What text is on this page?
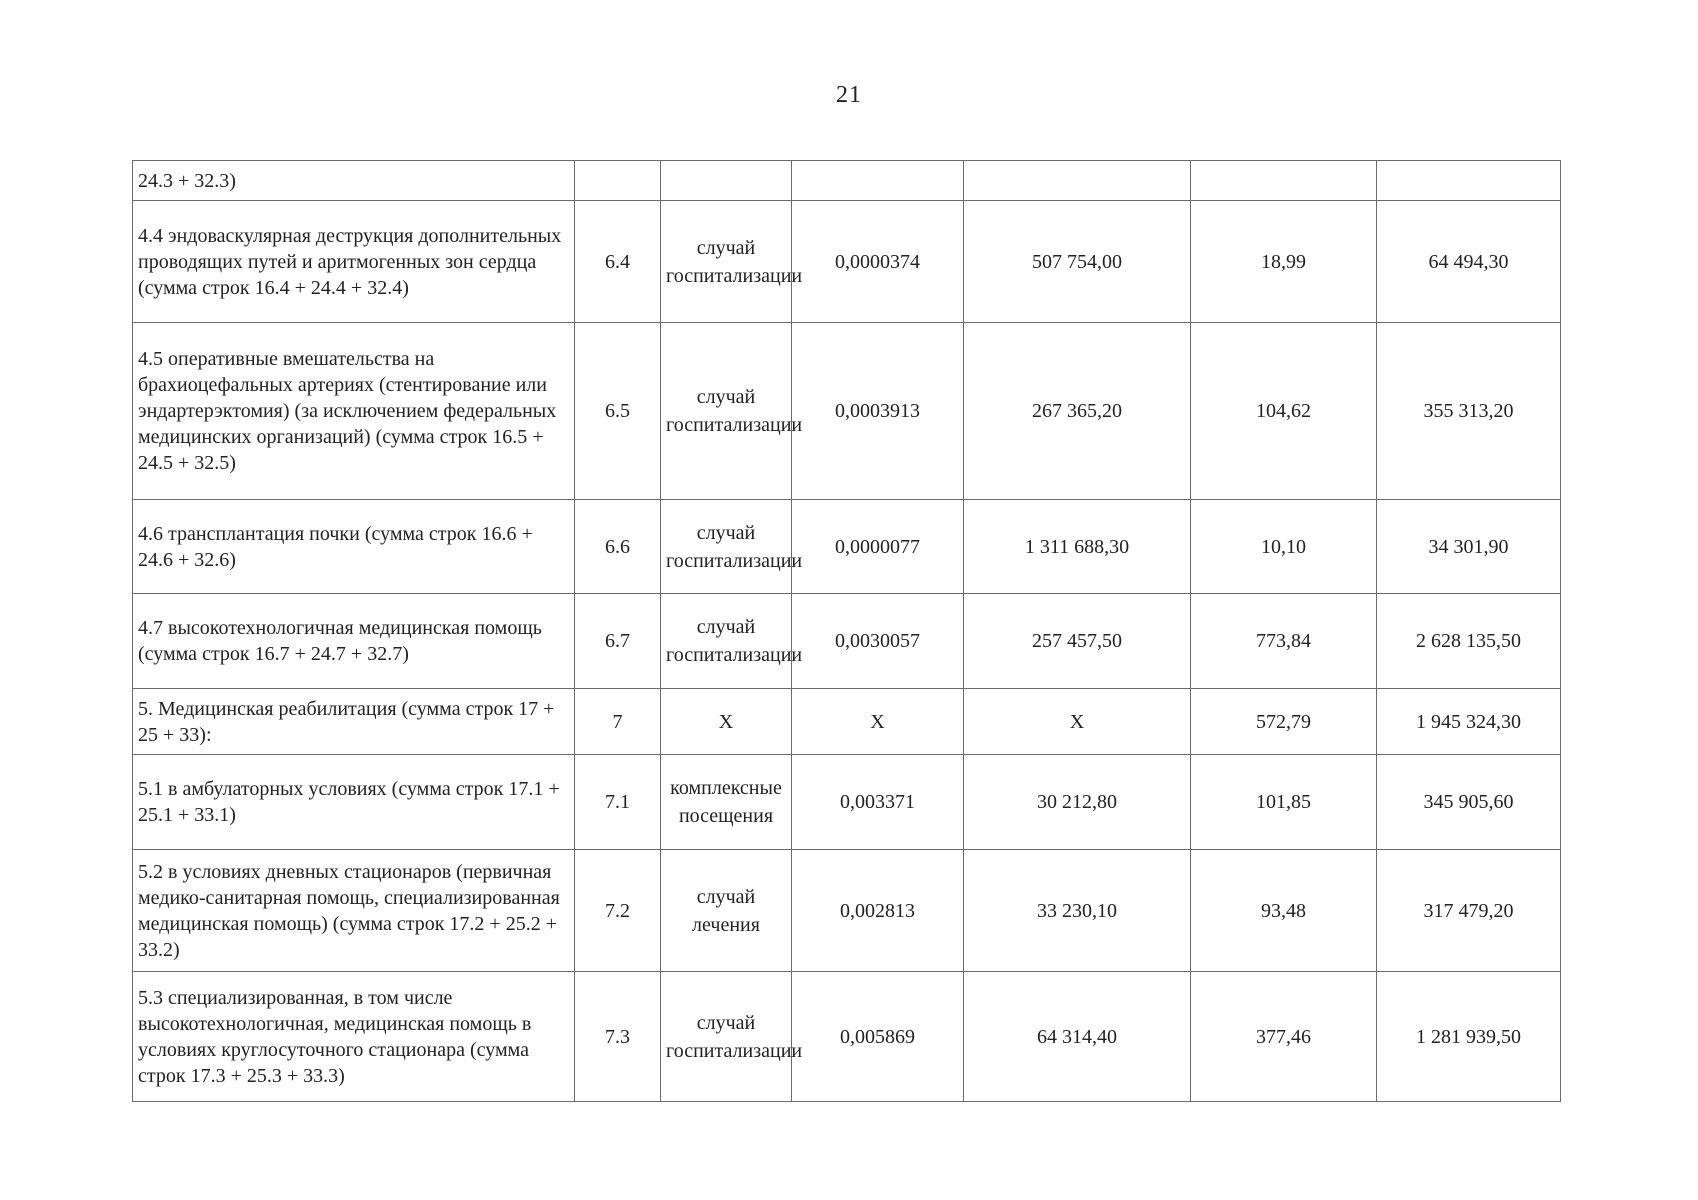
21
24.3 + 32.3)						
4.4 эндоваскулярная деструкция дополнительных проводящих путей и аритмогенных зон сердца (сумма строк 16.4 + 24.4 + 32.4)	6.4	случай госпитализации	0,0000374	507 754,00	18,99	64 494,30
4.5 оперативные вмешательства на брахиоцефальных артериях (стентирование или эндартерэктомия) (за исключением федеральных медицинских организаций) (сумма строк 16.5 + 24.5 + 32.5)	6.5	случай госпитализации	0,0003913	267 365,20	104,62	355 313,20
4.6 трансплантация почки (сумма строк 16.6 + 24.6 + 32.6)	6.6	случай госпитализации	0,0000077	1 311 688,30	10,10	34 301,90
4.7 высокотехнологичная медицинская помощь (сумма строк 16.7 + 24.7 + 32.7)	6.7	случай госпитализации	0,0030057	257 457,50	773,84	2 628 135,50
5. Медицинская реабилитация (сумма строк 17 + 25 + 33):	7	Х	Х	Х	572,79	1 945 324,30
5.1 в амбулаторных условиях (сумма строк 17.1 + 25.1 + 33.1)	7.1	комплексные посещения	0,003371	30 212,80	101,85	345 905,60
5.2 в условиях дневных стационаров (первичная медико-санитарная помощь, специализированная медицинская помощь) (сумма строк 17.2 + 25.2 + 33.2)	7.2	случай лечения	0,002813	33 230,10	93,48	317 479,20
5.3 специализированная, в том числе высокотехнологичная, медицинская помощь в условиях круглосуточного стационара (сумма строк 17.3 + 25.3 + 33.3)	7.3	случай госпитализации	0,005869	64 314,40	377,46	1 281 939,50
